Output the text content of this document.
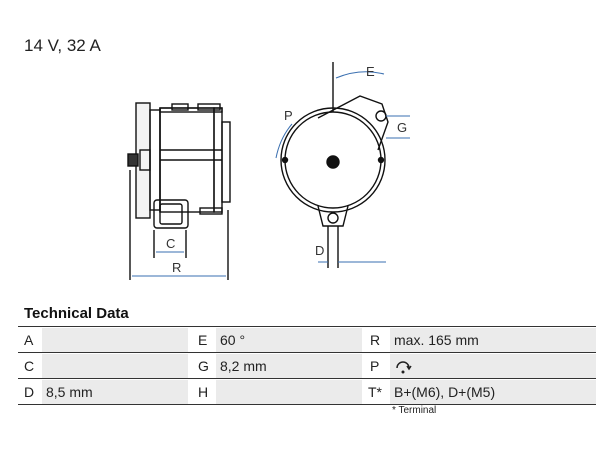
14 V, 32 A
C
R
E
P
G
D
Technical Data
A	E 60 °	R max. 165 mm
C	G 8,2 mm	P
D 8,5 mm	H	T* B+(M6), D+(M5)
* Terminal
